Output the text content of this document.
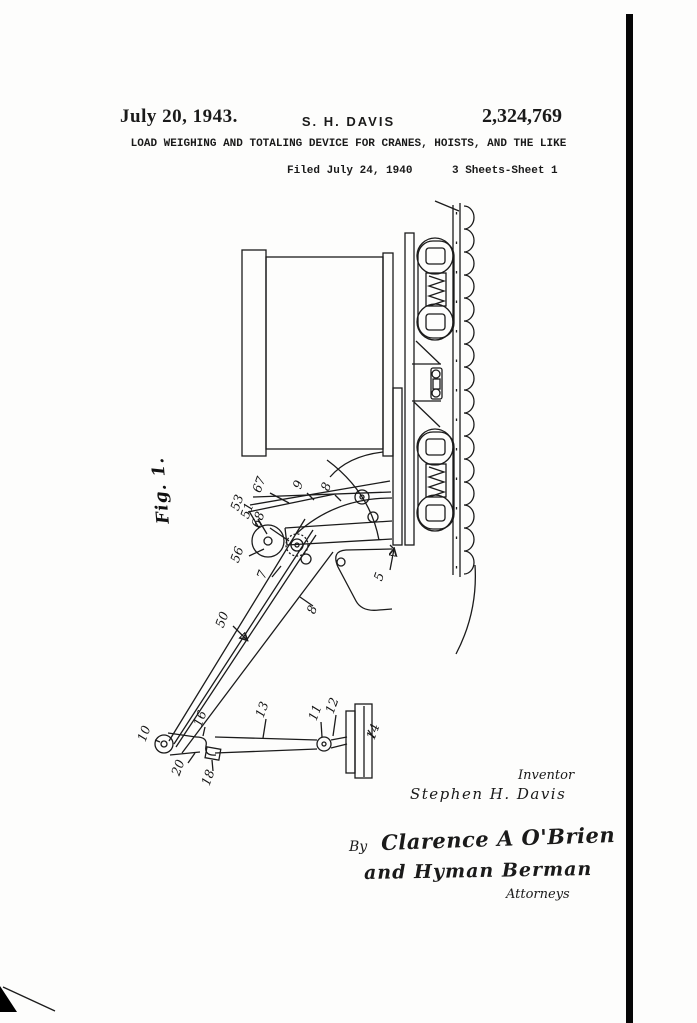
July 20, 1943.	S. H. DAVIS	2,324,769
LOAD WEIGHING AND TOTALING DEVICE FOR CRANES, HOISTS, AND THE LIKE
Filed July 24, 1940	3 Sheets-Sheet 1
Fig. 1.	67 9 8
53
51
68
56
7	5
50	8
10
16
20 18
13	11
12
14
Inventor
Stephen H. Davis
By Clarence A O'Brien
and Hyman Berman
Attorneys
